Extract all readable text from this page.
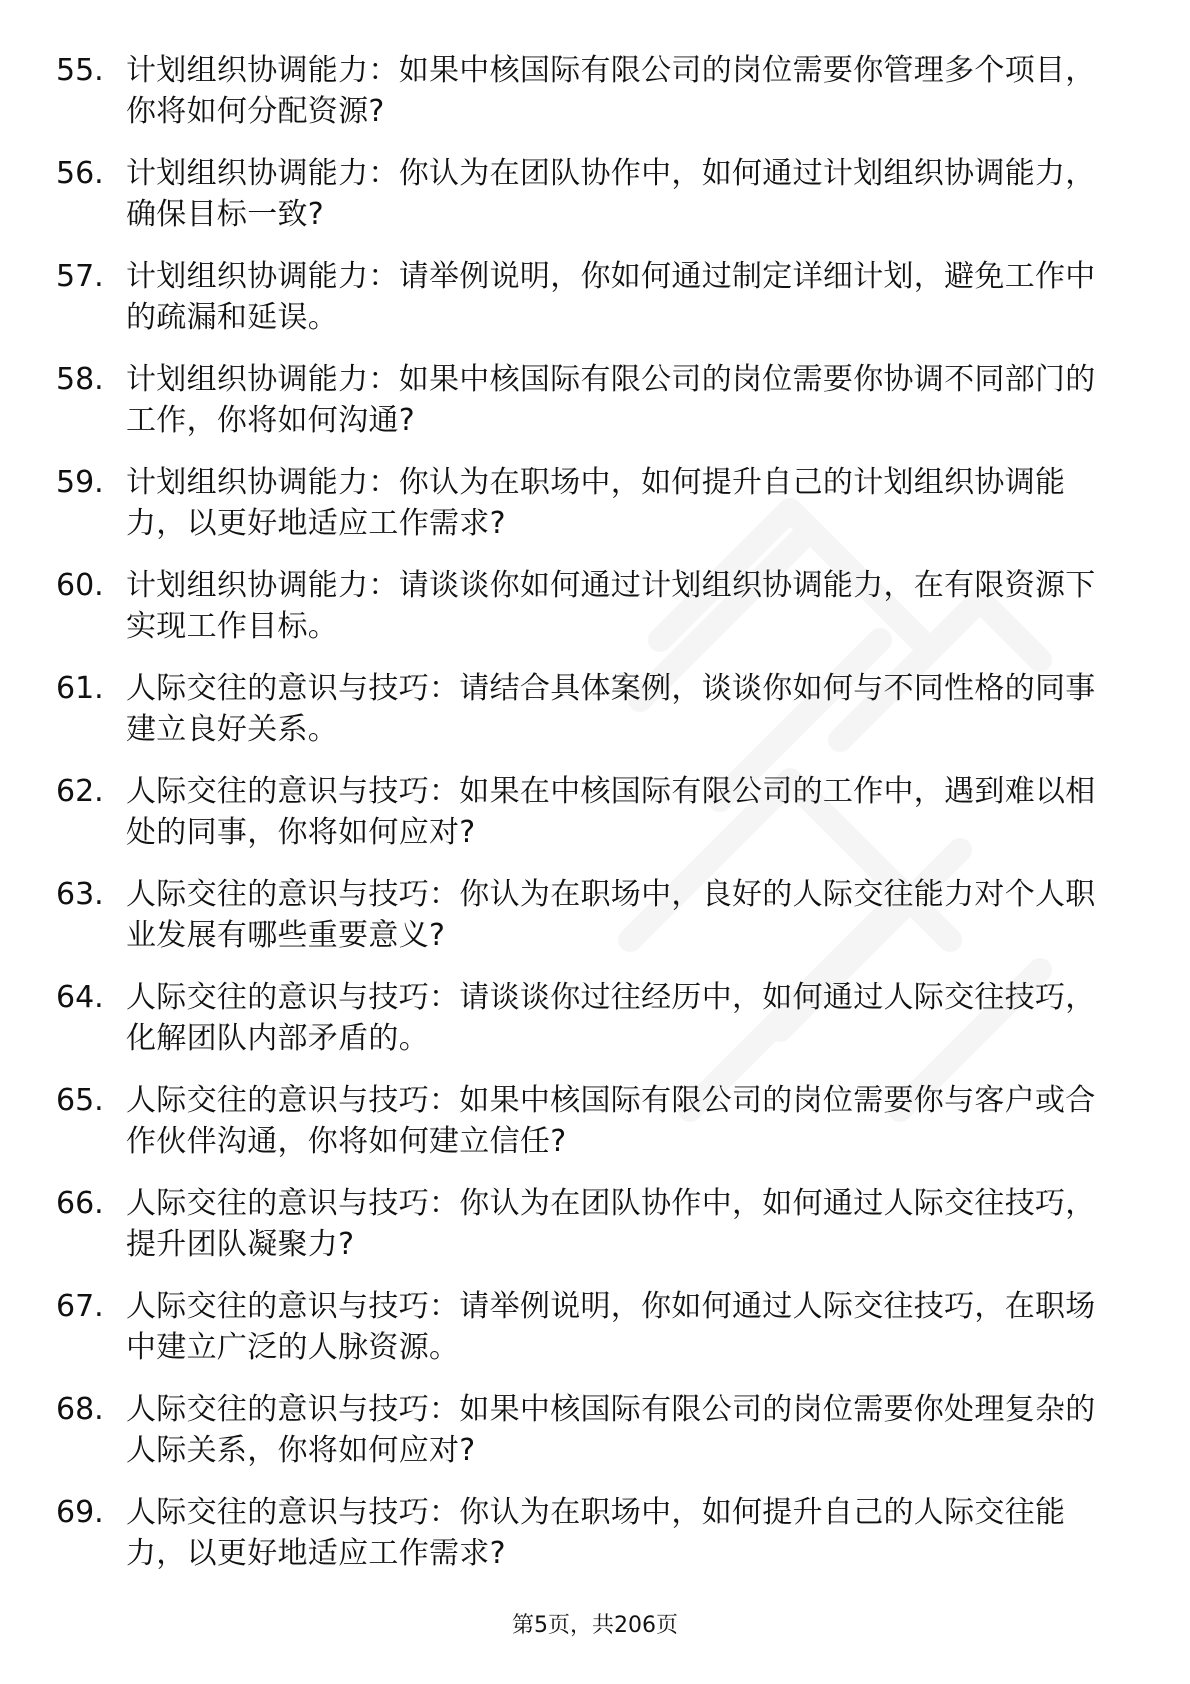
55. 计划组织协调能力：如果中核国际有限公司的岗位需要你管理多个项目，你将如何分配资源?
56. 计划组织协调能力：你认为在团队协作中，如何通过计划组织协调能力，确保目标一致?
57. 计划组织协调能力：请举例说明，你如何通过制定详细计划，避免工作中的疏漏和延误。
58. 计划组织协调能力：如果中核国际有限公司的岗位需要你协调不同部门的工作，你将如何沟通?
59. 计划组织协调能力：你认为在职场中，如何提升自己的计划组织协调能力，以更好地适应工作需求?
60. 计划组织协调能力：请谈谈你如何通过计划组织协调能力，在有限资源下实现工作目标。
61. 人际交往的意识与技巧：请结合具体案例，谈谈你如何与不同性格的同事建立良好关系。
62. 人际交往的意识与技巧：如果在中核国际有限公司的工作中，遇到难以相处的同事，你将如何应对?
63. 人际交往的意识与技巧：你认为在职场中，良好的人际交往能力对个人职业发展有哪些重要意义?
64. 人际交往的意识与技巧：请谈谈你过往经历中，如何通过人际交往技巧，化解团队内部矛盾的。
65. 人际交往的意识与技巧：如果中核国际有限公司的岗位需要你与客户或合作伙伴沟通，你将如何建立信任?
66. 人际交往的意识与技巧：你认为在团队协作中，如何通过人际交往技巧，提升团队凝聚力?
67. 人际交往的意识与技巧：请举例说明，你如何通过人际交往技巧，在职场中建立广泛的人脉资源。
68. 人际交往的意识与技巧：如果中核国际有限公司的岗位需要你处理复杂的人际关系，你将如何应对?
69. 人际交往的意识与技巧：你认为在职场中，如何提升自己的人际交往能力，以更好地适应工作需求?
第5页，共206页
